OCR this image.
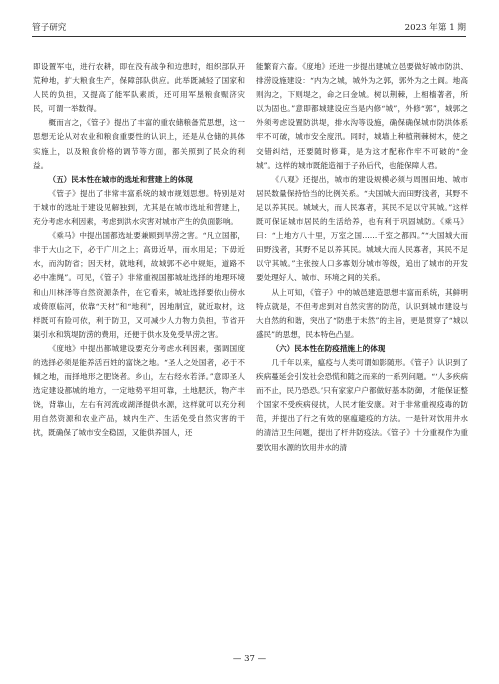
管子研究	2023 年第 1 期

即设置军屯，进行农耕，即在没有战争和边患时，组织部队开荒种地，扩大粮食生产，保障部队供应。此举既减轻了国家和人民的负担，又提高了能军队素质，还可用军垦粮食赈济灾民，可谓一举数得。

概而言之，《管子》提出了丰富的重农储粮备荒思想，这一思想无论从对农业和粮食重要性的认识上，还是从仓储的具体实施上，以及粮食价格的调节等方面，都关照到了民众的利益。

（五）民本性在城市的选址和营建上的体现

《管子》提出了非常丰富系统的城市规划思想。特别是对于城市的选址于建设见解独到，尤其是在城市选址和营建上，充分考虑水利因素，考虑到洪水灾害对城市产生的负面影响。

《乘马》中提出国都选址要兼顾到旱涝之害。“凡立国都，非于大山之下，必于广川之上；高毋近旱，而水用足；下毋近水，而沟防省；因天材，就地利，故城郭不必中规矩，道路不必中准绳”。可见，《管子》非常重视国都城址选择的地理环境和山川林泽等自然资源条件，在它看来，城址选择要依山傍水或倚原临河，依靠“天材”和“地利”，因地制宜，就近取材，这样既可有险可依，利于防卫，又可减少人力物力负担，节省开渠引水和筑堤防涝的费用，还便于供水及免受旱涝之害。

《度地》中提出都城建设要充分考虑水利因素，强调国度的选择必须是能养活百姓的富饶之地。“圣人之处国者，必于不倾之地，而择地形之肥饶者。乡山，左右经水若泽。”意即圣人选定建设都城的地方，一定地势平坦可靠，土地肥沃，物产丰饶，背靠山，左右有河流或湖泽提供水源，这样就可以充分利用自然资源和农业产品，城内生产、生活免受自然灾害的干扰，既确保了城市安全稳固，又能供养国人，还

能繁育六畜。《度地》还进一步提出建城立邑要做好城市防洪、排涝设施建设：“内为之城，城外为之郭，郭外为之土阆。地高则沟之，下则堤之，命之曰金城。树以荆棘，上相樯著者，所以为固也。”意即都城建设应当是内修“城”，外修“郭”，城郭之外须考虑设置防洪堤，排水沟等设施，确保确保城市防洪体系牢不可破，城市安全度汛。同时，城墙上种植荆棘树木，使之交错纠结，还要随时修葺，是为这才配称作牢不可破的“金城”。这样的城市既能造福于子孙后代，也能保障人君。

《八观》还提出，城市的建设规模必须与周围田地、城市居民数量保持恰当的比例关系。“夫国城大而田野浅者，其野不足以养其民。城域大，而人民寡者，其民不足以守其城。”这样既可保证城市居民的生活给养，也有利于巩固城防。《乘马》曰：“上地方八十里，万室之国……千室之都四。”“大国城大而田野浅者，其野不足以养其民。城域大而人民寡者，其民不足以守其城。”主张按人口多寡划分城市等级，追出了城市的开发要处理好人、城市、环境之间的关系。

从上可知，《管子》中的城邑建造思想丰富而系统，其鲜明特点就是，不但考虑到对自然灾害的防范，认识到城市建设与大自然的和谐，突出了“防患于未然”的主旨，更是贯穿了“城以盛民”的思想，民本特色凸显。

（六）民本性在防疫措施上的体现

几千年以来，瘟疫与人类可谓如影随形。《管子》认识到了疾病蔓延会引发社会恐慌和随之而来的一系列问题。“‘人多疾病而不止，民乃恐恐。’只有家家户户都做好基本防御，才能保证整个国家不受疾病侵扰，人民才能安康。对于非常重视疫毒的防范，并提出了行之有效的驱瘟避疫的方法。一是针对饮用井水的清洁卫生问题，提出了杆井防疫法。《管子》十分重视作为重要饮用水源的饮用井水的清

— 37 —
